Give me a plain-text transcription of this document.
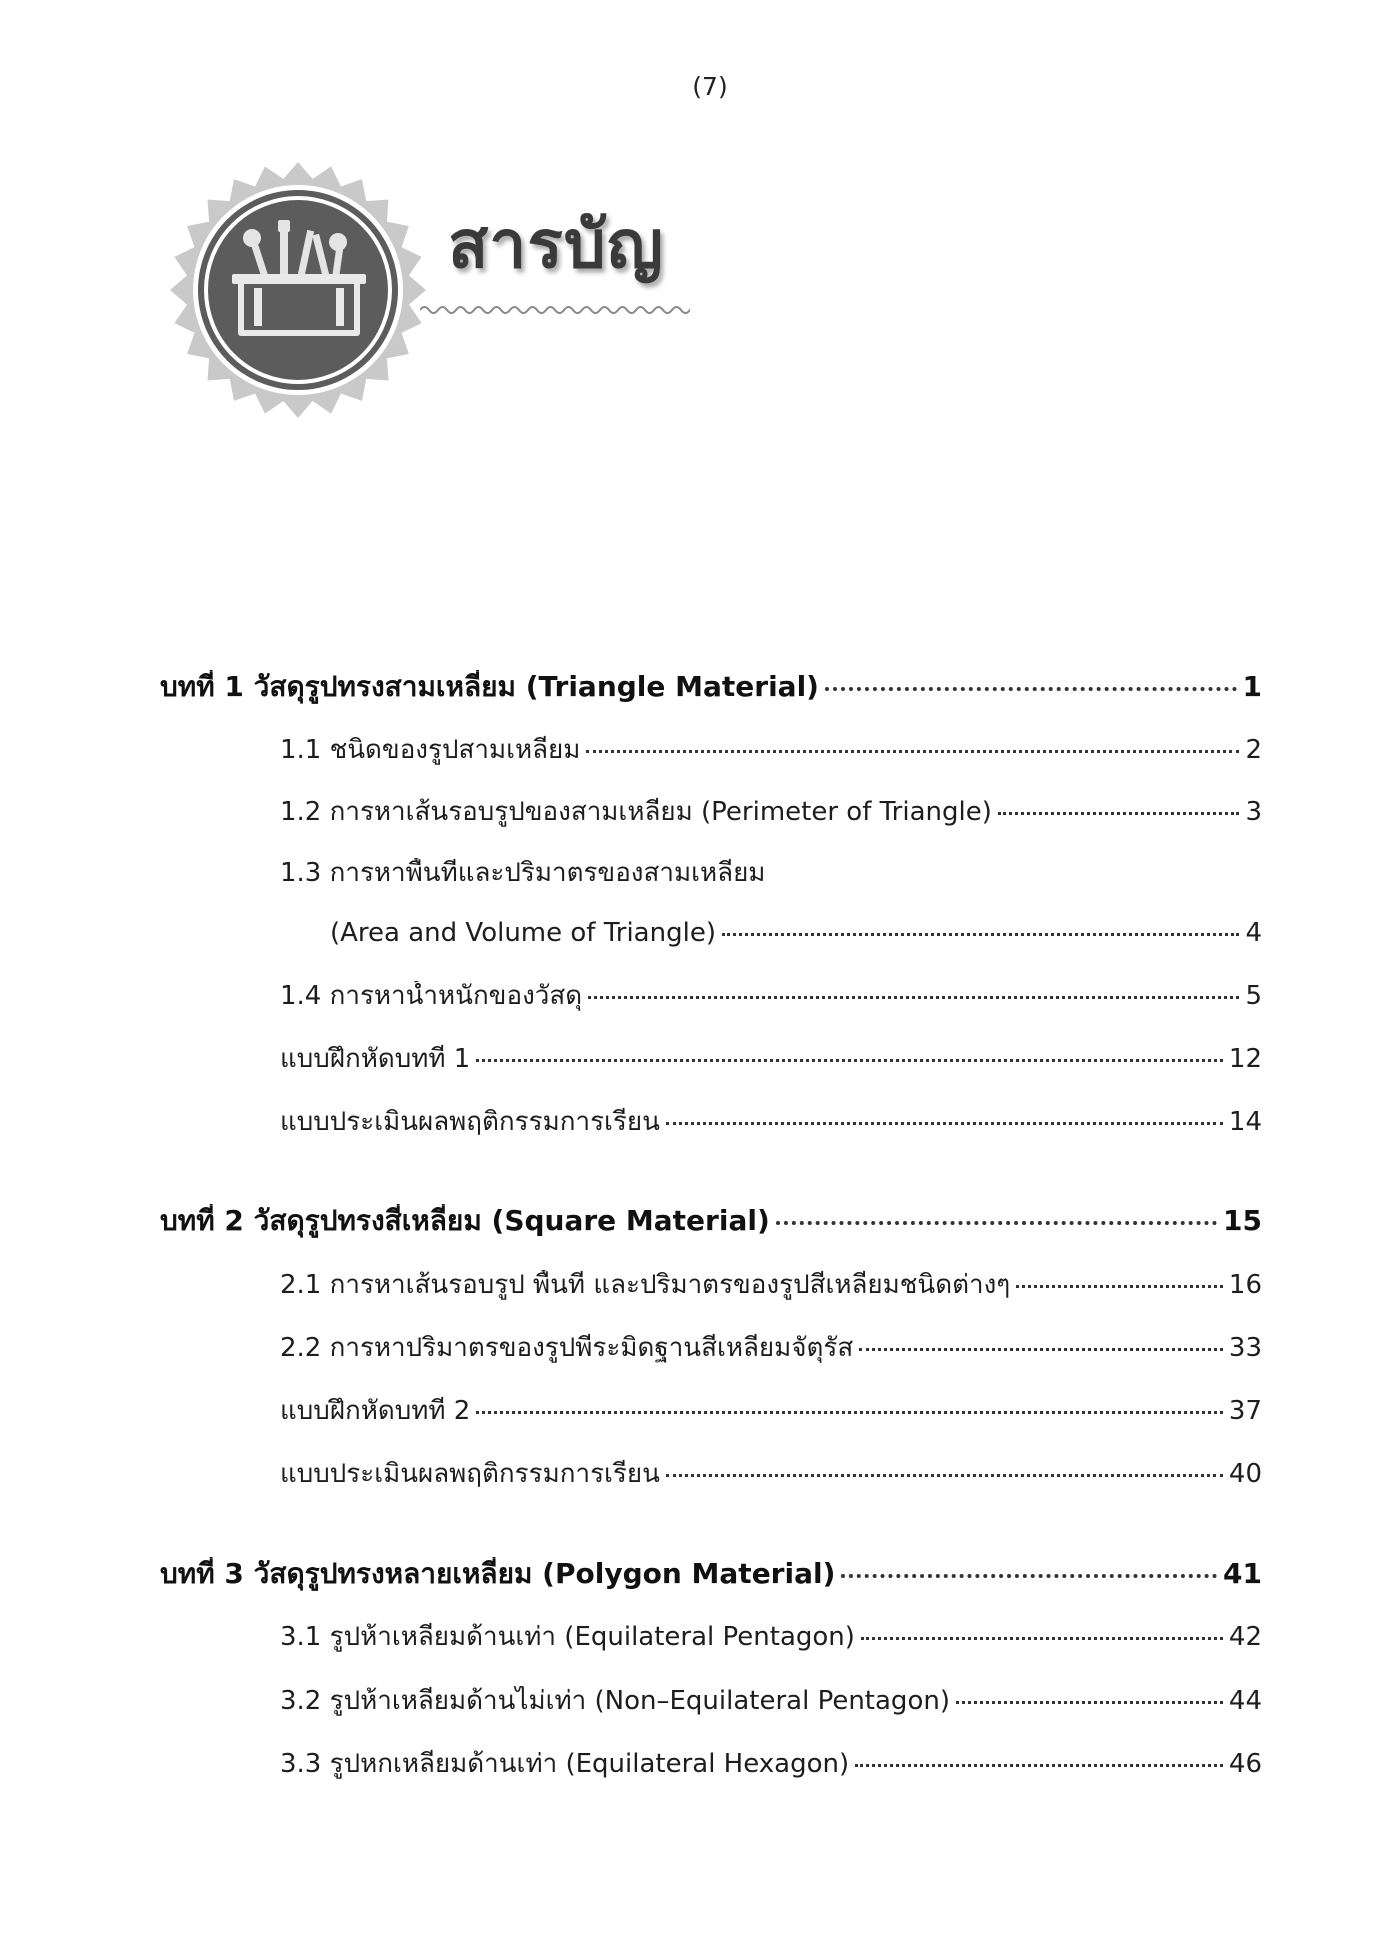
(7)
สารบัญ
บทที่ 1 วัสดุรูปทรงสามเหลี่ยม (Triangle Material)	1
1.1 ชนิดของรูปสามเหลี่ยม	2
1.2 การหาเส้นรอบรูปของสามเหลี่ยม (Perimeter of Triangle)	3
1.3 การหาพื้นที่และปริมาตรของสามเหลี่ยม
(Area and Volume of Triangle)	4
1.4 การหาน้ำหนักของวัสดุ	5
แบบฝึกหัดบทที่ 1	12
แบบประเมินผลพฤติกรรมการเรียน	14
บทที่ 2 วัสดุรูปทรงสี่เหลี่ยม (Square Material)	15
2.1 การหาเส้นรอบรูป พื้นที่ และปริมาตรของรูปสี่เหลี่ยมชนิดต่างๆ	16
2.2 การหาปริมาตรของรูปพีระมิดฐานสี่เหลี่ยมจัตุรัส	33
แบบฝึกหัดบทที่ 2	37
แบบประเมินผลพฤติกรรมการเรียน	40
บทที่ 3 วัสดุรูปทรงหลายเหลี่ยม (Polygon Material)	41
3.1 รูปห้าเหลี่ยมด้านเท่า (Equilateral Pentagon)	42
3.2 รูปห้าเหลี่ยมด้านไม่เท่า (Non–Equilateral Pentagon)	44
3.3 รูปหกเหลี่ยมด้านเท่า (Equilateral Hexagon)	46
